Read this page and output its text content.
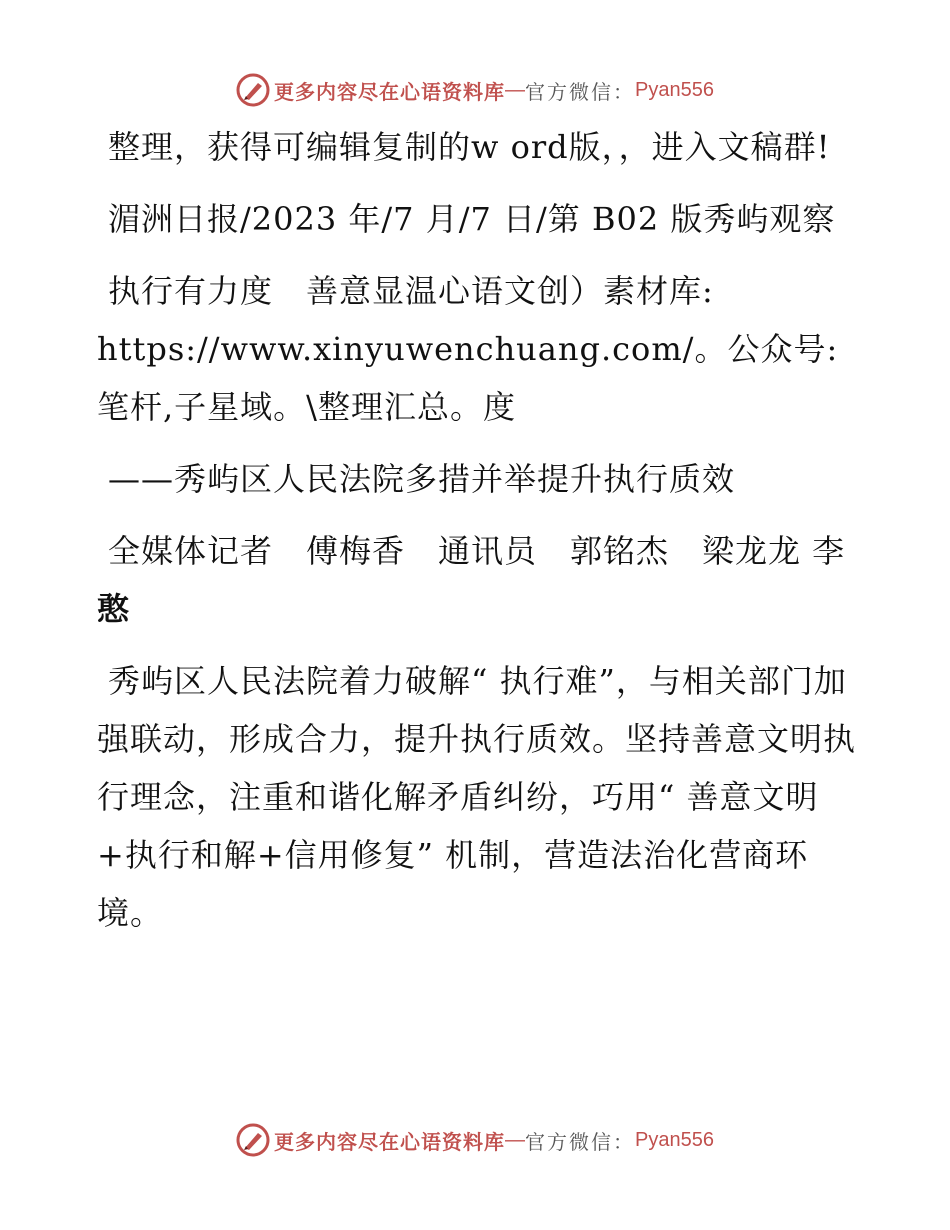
更多内容尽在心语资料库 — 官方微信： Pyan556

整理，获得可编辑复制的w ord版，，进入文稿群!

湄洲日报/2023 年/7 月/7 日/第 B02 版秀屿观察

执行有力度　善意显温心语文创）素材库: https://www.xinyuwenchuang.com/。公众号: 笔杆,子星域。\整理汇总。度

——秀屿区人民法院多措并举提升执行质效

全媒体记者　傅梅香　通讯员　郭铭杰　梁龙龙 李憨

秀屿区人民法院着力破解“ 执行难”，与相关部门加强联动，形成合力，提升执行质效。坚持善意文明执行理念，注重和谐化解矛盾纠纷，巧用“ 善意文明+执行和解+信用修复” 机制，营造法治化营商环境。

更多内容尽在心语资料库 — 官方微信： Pyan556
